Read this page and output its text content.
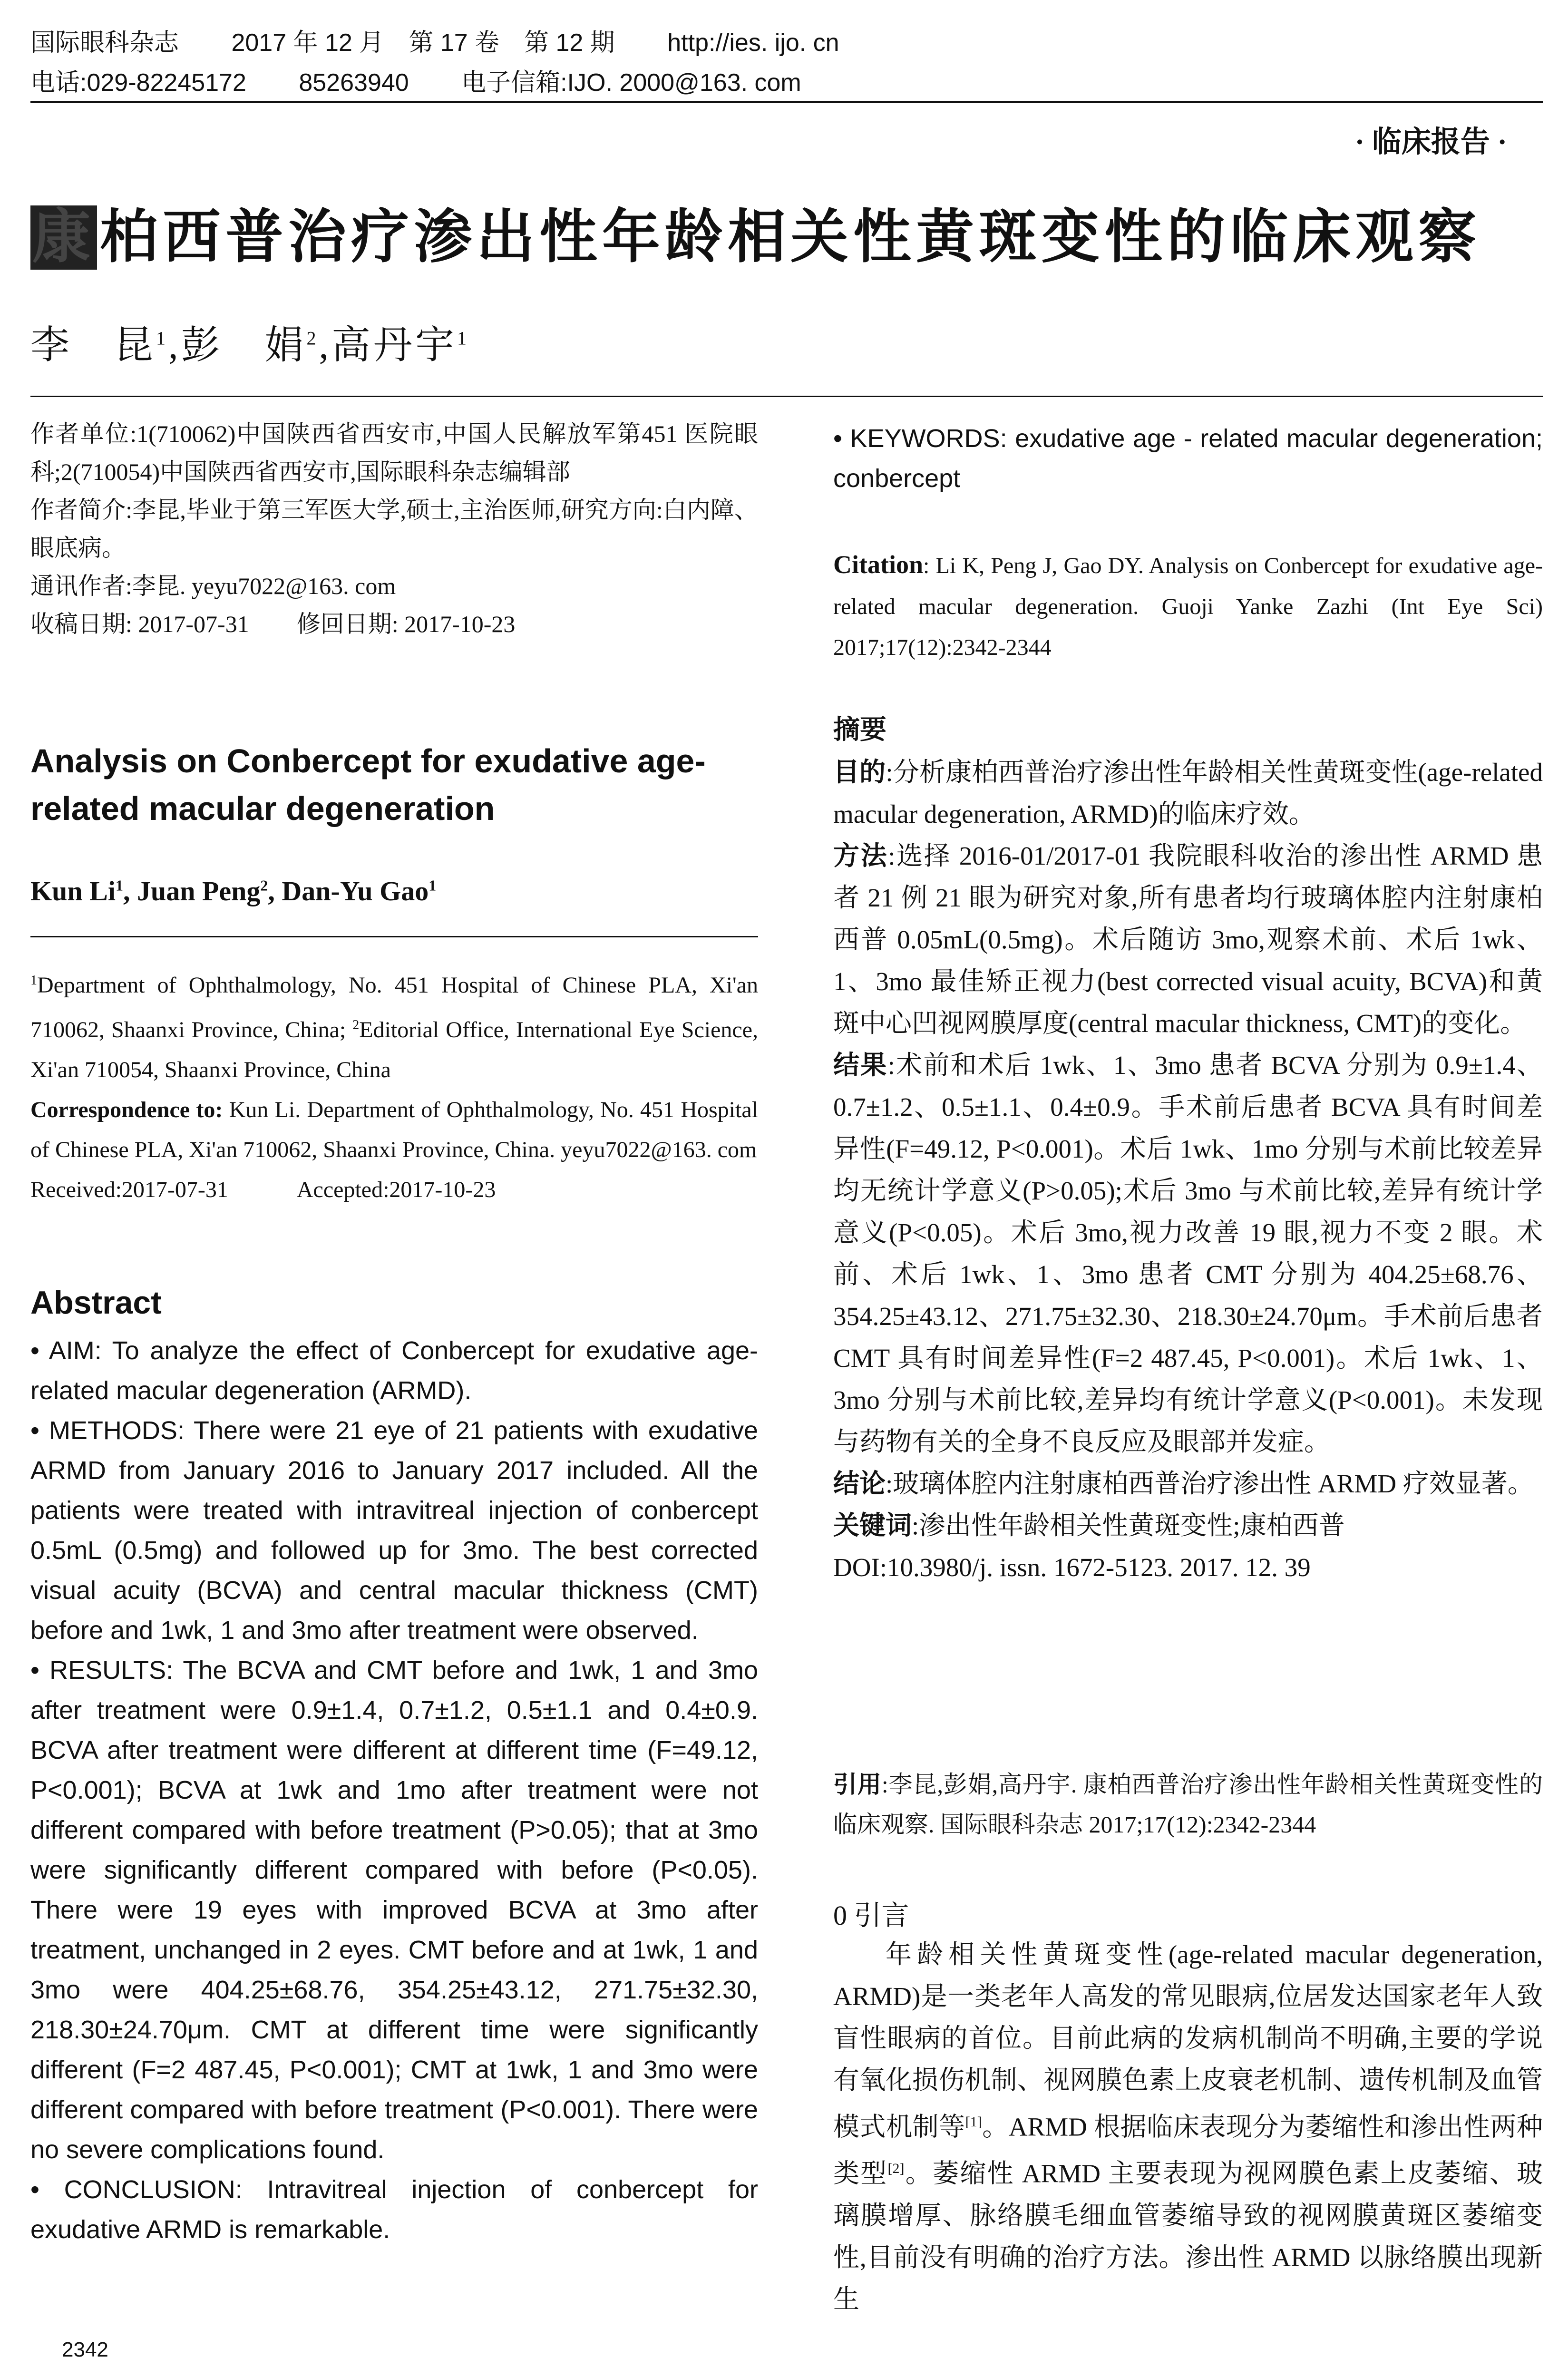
国际眼科杂志 2017 年 12 月　第 17 卷　第 12 期 http://ies. ijo. cn
电话:029-82245172 85263940 电子信箱:IJO. 2000@163. com
· 临床报告 ·
康柏西普治疗渗出性年龄相关性黄斑变性的临床观察
李　昆$^1$,彭　娟$^2$,高丹宇$^1$

作者单位:1(710062)中国陕西省西安市,中国人民解放军第451 医院眼科;2(710054)中国陕西省西安市,国际眼科杂志编辑部

作者简介:李昆,毕业于第三军医大学,硕士,主治医师,研究方向:白内障、眼底病。

通讯作者:李昆. yeyu7022@163. com

收稿日期: 2017-07-31　　修回日期: 2017-10-23

Analysis on Conbercept for exudative age-related macular degeneration
Kun Li$^1$, Juan Peng$^2$, Dan-Yu Gao$^1$

$^1$Department of Ophthalmology, No. 451 Hospital of Chinese PLA, Xi'an 710062, Shaanxi Province, China; $^2$Editorial Office, International Eye Science, Xi'an 710054, Shaanxi Province, China

Correspondence to: Kun Li. Department of Ophthalmology, No. 451 Hospital of Chinese PLA, Xi'an 710062, Shaanxi Province, China. yeyu7022@163. com

Received:2017-07-31　　　Accepted:2017-10-23

Abstract

• AIM: To analyze the effect of Conbercept for exudative age-related macular degeneration (ARMD).

• METHODS: There were 21 eye of 21 patients with exudative ARMD from January 2016 to January 2017 included. All the patients were treated with intravitreal injection of conbercept 0.5mL (0.5mg) and followed up for 3mo. The best corrected visual acuity (BCVA) and central macular thickness (CMT) before and 1wk, 1 and 3mo after treatment were observed.

• RESULTS: The BCVA and CMT before and 1wk, 1 and 3mo after treatment were 0.9±1.4, 0.7±1.2, 0.5±1.1 and 0.4±0.9. BCVA after treatment were different at different time (F=49.12, P<0.001); BCVA at 1wk and 1mo after treatment were not different compared with before treatment (P>0.05); that at 3mo were significantly different compared with before (P<0.05). There were 19 eyes with improved BCVA at 3mo after treatment, unchanged in 2 eyes. CMT before and at 1wk, 1 and 3mo were 404.25±68.76, 354.25±43.12, 271.75±32.30, 218.30±24.70μm. CMT at different time were significantly different (F=2 487.45, P<0.001); CMT at 1wk, 1 and 3mo were different compared with before treatment (P<0.001). There were no severe complications found.

• CONCLUSION: Intravitreal injection of conbercept for exudative ARMD is remarkable.

2342

• KEYWORDS: exudative age - related macular degeneration; conbercept

Citation: Li K, Peng J, Gao DY. Analysis on Conbercept for exudative age-related macular degeneration. Guoji Yanke Zazhi (Int Eye Sci) 2017;17(12):2342-2344

摘要

目的:分析康柏西普治疗渗出性年龄相关性黄斑变性(age-related macular degeneration, ARMD)的临床疗效。

方法:选择 2016-01/2017-01 我院眼科收治的渗出性 ARMD 患者 21 例 21 眼为研究对象,所有患者均行玻璃体腔内注射康柏西普 0.05mL(0.5mg)。术后随访 3mo,观察术前、术后 1wk、1、3mo 最佳矫正视力(best corrected visual acuity, BCVA)和黄斑中心凹视网膜厚度(central macular thickness, CMT)的变化。

结果:术前和术后 1wk、1、3mo 患者 BCVA 分别为 0.9±1.4、0.7±1.2、0.5±1.1、0.4±0.9。手术前后患者 BCVA 具有时间差异性(F=49.12, P<0.001)。术后 1wk、1mo 分别与术前比较差异均无统计学意义(P>0.05);术后 3mo 与术前比较,差异有统计学意义(P<0.05)。术后 3mo,视力改善 19 眼,视力不变 2 眼。术前、术后 1wk、1、3mo 患者 CMT 分别为 404.25±68.76、354.25±43.12、271.75±32.30、218.30±24.70μm。手术前后患者 CMT 具有时间差异性(F=2 487.45, P<0.001)。术后 1wk、1、3mo 分别与术前比较,差异均有统计学意义(P<0.001)。未发现与药物有关的全身不良反应及眼部并发症。

结论:玻璃体腔内注射康柏西普治疗渗出性 ARMD 疗效显著。

关键词:渗出性年龄相关性黄斑变性;康柏西普

DOI:10.3980/j. issn. 1672-5123. 2017. 12. 39

引用:李昆,彭娟,高丹宇. 康柏西普治疗渗出性年龄相关性黄斑变性的临床观察. 国际眼科杂志 2017;17(12):2342-2344

0 引言

年龄相关性黄斑变性(age-related macular degeneration, ARMD)是一类老年人高发的常见眼病,位居发达国家老年人致盲性眼病的首位。目前此病的发病机制尚不明确,主要的学说有氧化损伤机制、视网膜色素上皮衰老机制、遗传机制及血管模式机制等[1]。ARMD 根据临床表现分为萎缩性和渗出性两种类型[2]。萎缩性 ARMD 主要表现为视网膜色素上皮萎缩、玻璃膜增厚、脉络膜毛细血管萎缩导致的视网膜黄斑区萎缩变性,目前没有明确的治疗方法。渗出性 ARMD 以脉络膜出现新生
